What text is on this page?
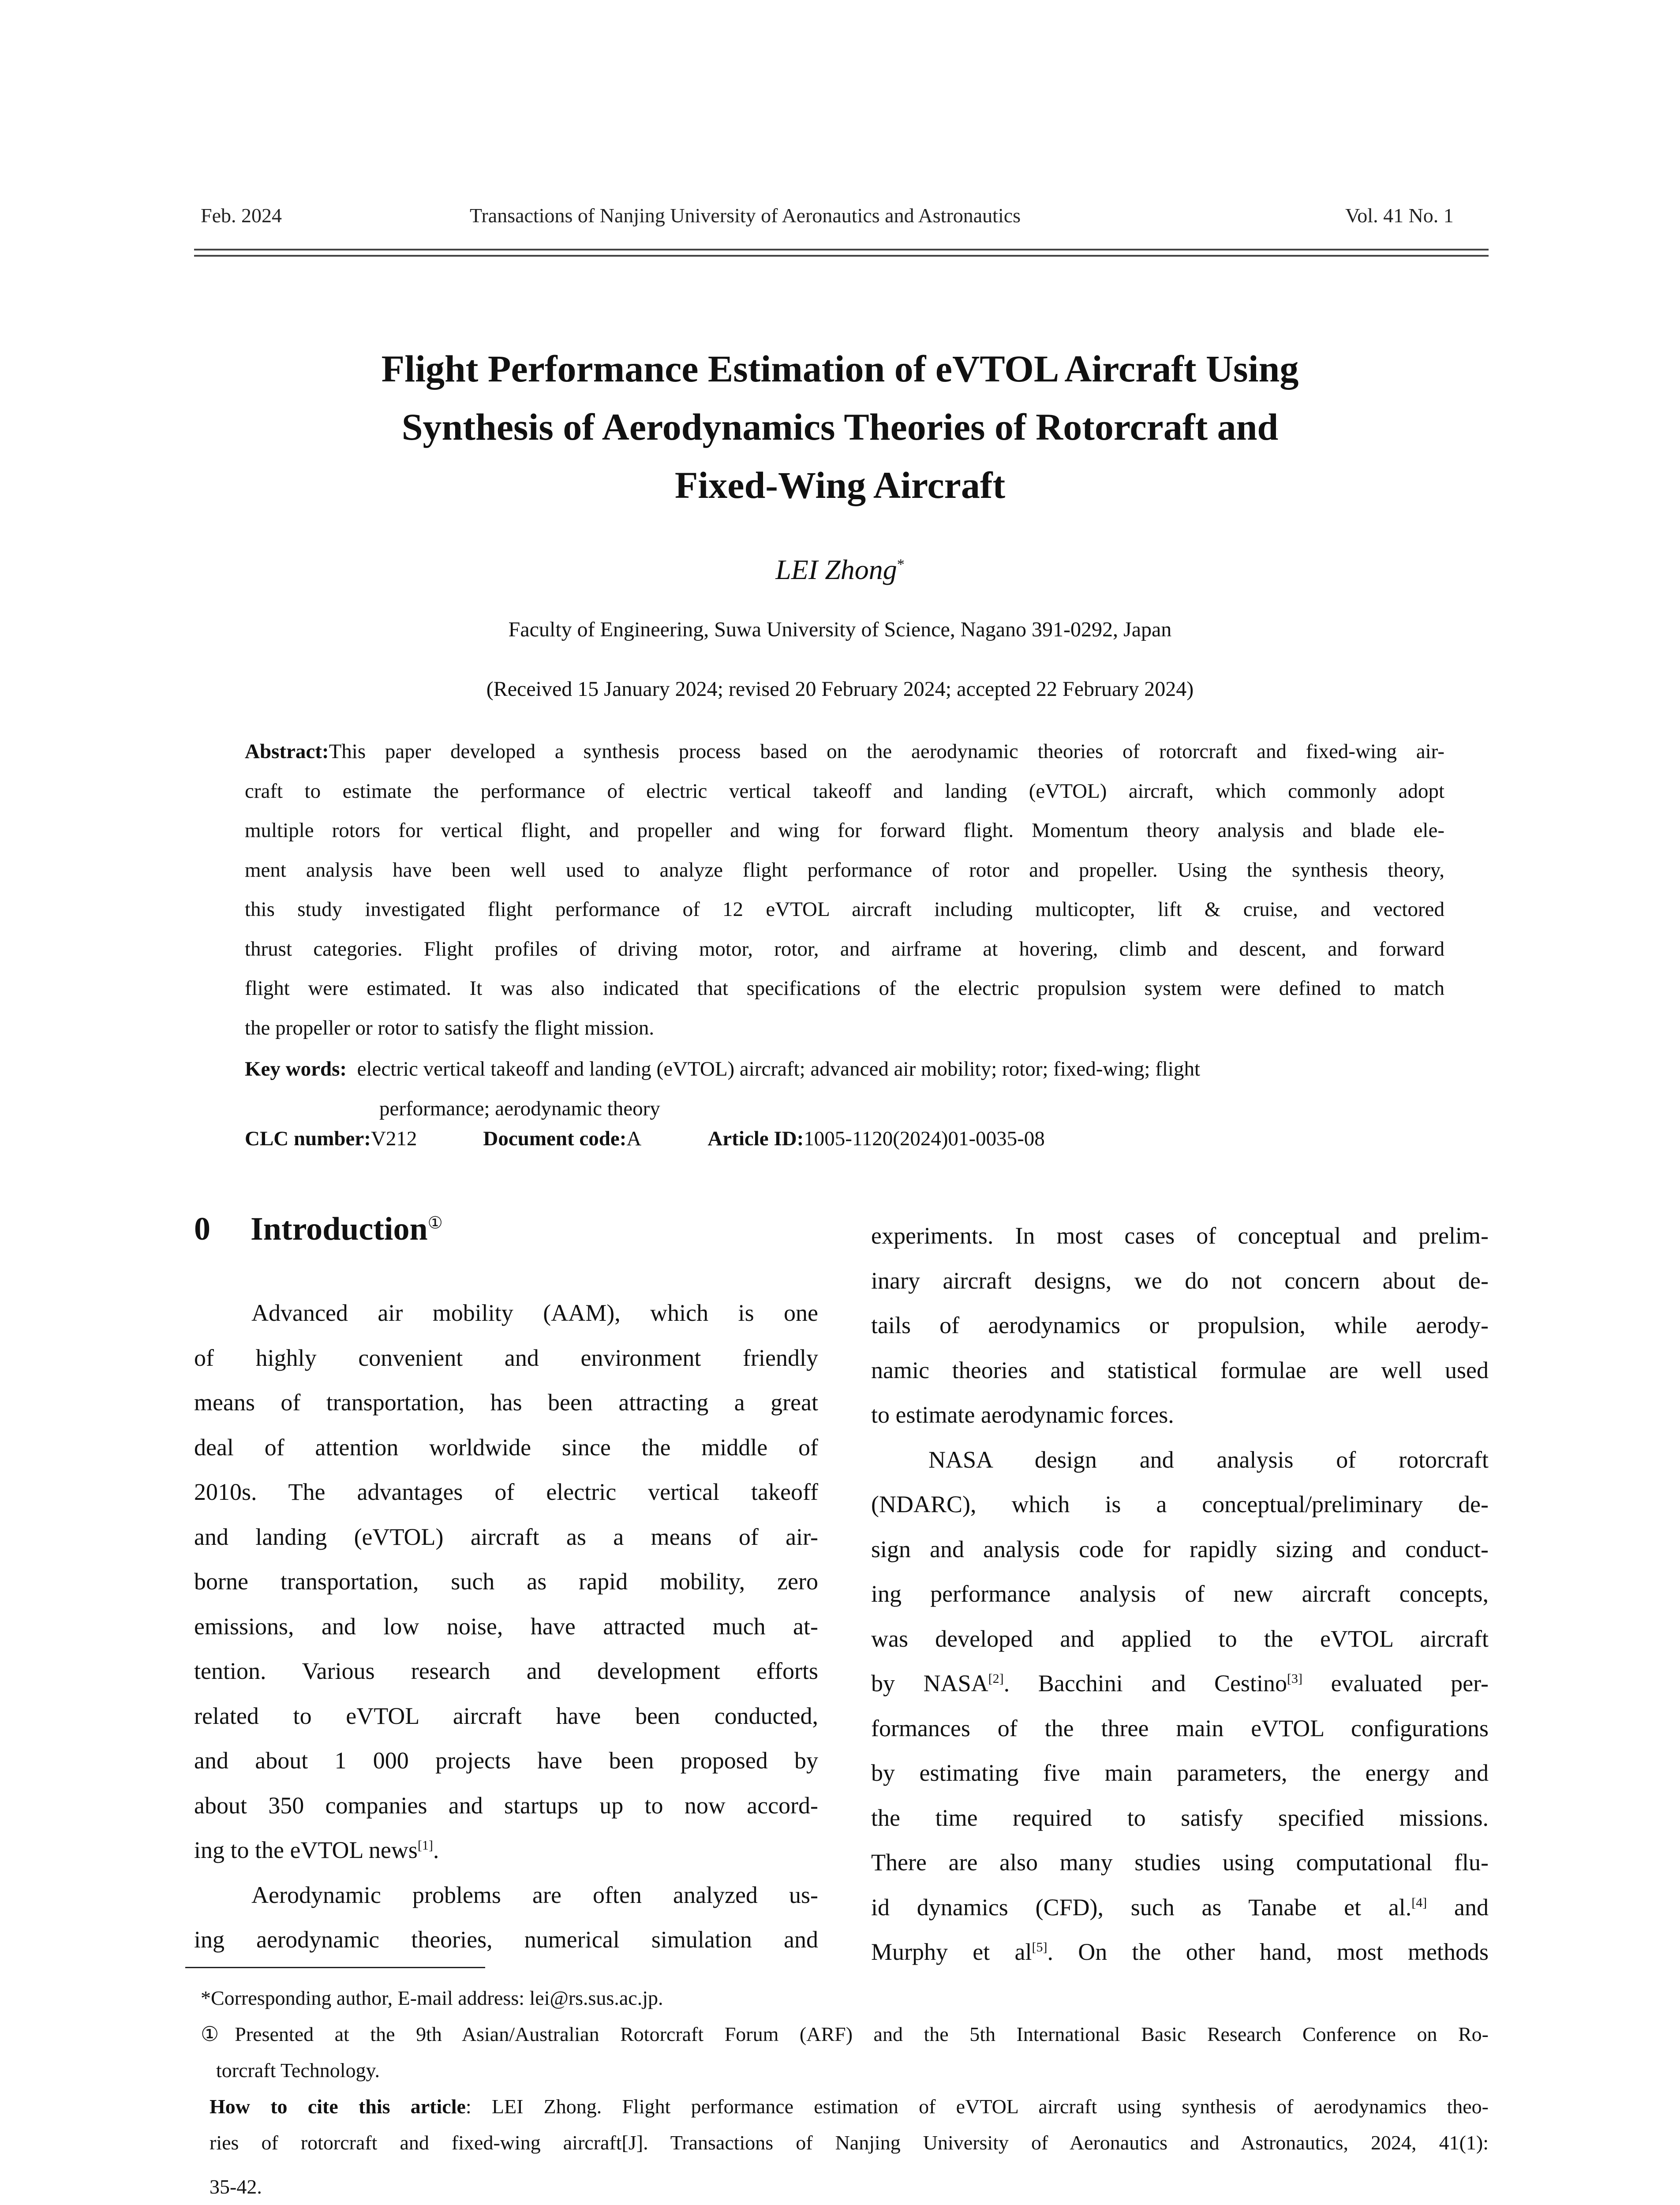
Feb. 2024	Transactions of Nanjing University of Aeronautics and Astronautics	Vol. 41 No. 1
Flight Performance Estimation of eVTOL Aircraft Using
Synthesis of Aerodynamics Theories of Rotorcraft and
Fixed-Wing Aircraft
LEI Zhong*
Faculty of Engineering, Suwa University of Science, Nagano 391-0292, Japan
(Received 15 January 2024; revised 20 February 2024; accepted 22 February 2024)
Abstract:This paper developed a synthesis process based on the aerodynamic theories of rotorcraft and fixed-wing air-
craft to estimate the performance of electric vertical takeoff and landing (eVTOL) aircraft, which commonly adopt
multiple rotors for vertical flight, and propeller and wing for forward flight. Momentum theory analysis and blade ele-
ment analysis have been well used to analyze flight performance of rotor and propeller. Using the synthesis theory,
this study investigated flight performance of 12 eVTOL aircraft including multicopter, lift & cruise, and vectored
thrust categories. Flight profiles of driving motor, rotor, and airframe at hovering, climb and descent, and forward
flight were estimated. It was also indicated that specifications of the electric propulsion system were defined to match
the propeller or rotor to satisfy the flight mission.
Key words: electric vertical takeoff and landing (eVTOL) aircraft; advanced air mobility; rotor; fixed-wing; flight
performance; aerodynamic theory
CLC number:V212	Document code:A	Article ID:1005-1120(2024)01-0035-08
0 Introduction①
Advanced air mobility (AAM), which is one
of highly convenient and environment friendly
means of transportation, has been attracting a great
deal of attention worldwide since the middle of
2010s. The advantages of electric vertical takeoff
and landing (eVTOL) aircraft as a means of air-
borne transportation, such as rapid mobility, zero
emissions, and low noise, have attracted much at-
tention. Various research and development efforts
related to eVTOL aircraft have been conducted,
and about 1 000 projects have been proposed by
about 350 companies and startups up to now accord-
ing to the eVTOL news[1].
Aerodynamic problems are often analyzed us-
ing aerodynamic theories, numerical simulation and
experiments. In most cases of conceptual and prelim-
inary aircraft designs, we do not concern about de-
tails of aerodynamics or propulsion, while aerody-
namic theories and statistical formulae are well used
to estimate aerodynamic forces.
NASA design and analysis of rotorcraft
(NDARC), which is a conceptual/preliminary de-
sign and analysis code for rapidly sizing and conduct-
ing performance analysis of new aircraft concepts,
was developed and applied to the eVTOL aircraft
by NASA[2]. Bacchini and Cestino[3] evaluated per-
formances of the three main eVTOL configurations
by estimating five main parameters, the energy and
the time required to satisfy specified missions.
There are also many studies using computational flu-
id dynamics (CFD), such as Tanabe et al.[4] and
Murphy et al[5]. On the other hand, most methods
*Corresponding author, E-mail address: lei@rs.sus.ac.jp.
①Presented at the 9th Asian/Australian Rotorcraft Forum (ARF) and the 5th International Basic Research Conference on Ro-
torcraft Technology.
How to cite this article: LEI Zhong. Flight performance estimation of eVTOL aircraft using synthesis of aerodynamics theo-
ries of rotorcraft and fixed-wing aircraft[J]. Transactions of Nanjing University of Aeronautics and Astronautics, 2024, 41(1):
35-42.
